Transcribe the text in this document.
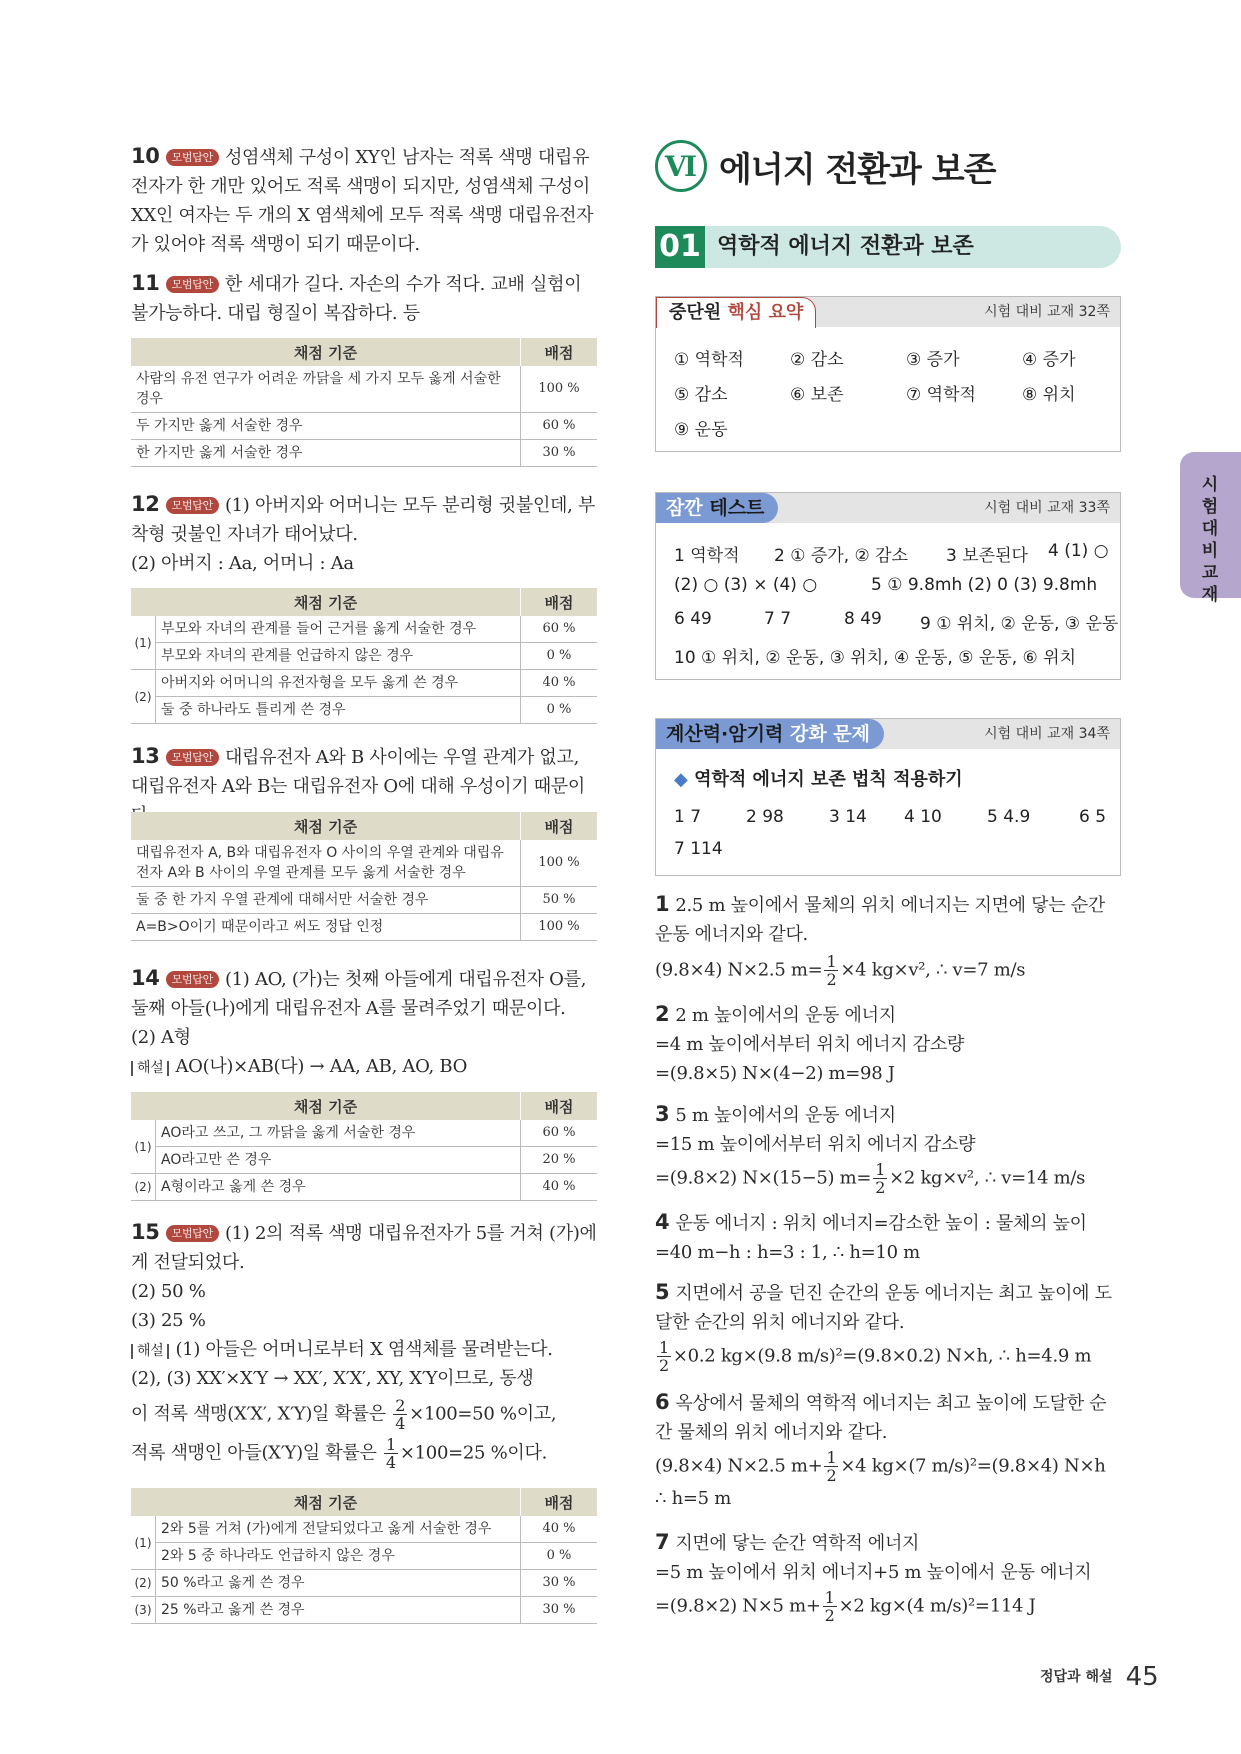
10 모범답안 성염색체 구성이 XY인 남자는 적록 색맹 대립유전자가 한 개만 있어도 적록 색맹이 되지만, 성염색체 구성이 XX인 여자는 두 개의 X 염색체에 모두 적록 색맹 대립유전자가 있어야 적록 색맹이 되기 때문이다.
11 모범답안 한 세대가 길다. 자손의 수가 적다. 교배 실험이 불가능하다. 대립 형질이 복잡하다. 등
채점 기준	배점
사람의 유전 연구가 어려운 까닭을 세 가지 모두 옳게 서술한 경우	100 %
두 가지만 옳게 서술한 경우	60 %
한 가지만 옳게 서술한 경우	30 %
12 모범답안 (1) 아버지와 어머니는 모두 분리형 귓불인데, 부착형 귓불인 자녀가 태어났다.
(2) 아버지 : Aa, 어머니 : Aa
채점 기준		배점
(1)	부모와 자녀의 관계를 들어 근거를 옳게 서술한 경우	60 %
	부모와 자녀의 관계를 언급하지 않은 경우	0 %
(2)	아버지와 어머니의 유전자형을 모두 옳게 쓴 경우	40 %
	둘 중 하나라도 틀리게 쓴 경우	0 %
13 모범답안 대립유전자 A와 B 사이에는 우열 관계가 없고, 대립유전자 A와 B는 대립유전자 O에 대해 우성이기 때문이
채점 기준	배점
대립유전자 A, B와 대립유전자 O 사이의 우열 관계와 대립유전자 A와 B 사이의 우열 관계를 모두 옳게 서술한 경우	100 %
둘 중 한 가지 우열 관계에 대해서만 서술한 경우	50 %
A=B>O이기 때문이라고 써도 정답 인정	100 %
14 모범답안 (1) AO, (가)는 첫째 아들에게 대립유전자 O를, 둘째 아들(나)에게 대립유전자 A를 물려주었기 때문이다.
(2) A형
해설 AO(나)×AB(다) → AA, AB, AO, BO
채점 기준		배점
(1)	AO라고 쓰고, 그 까닭을 옳게 서술한 경우	60 %
	AO라고만 쓴 경우	20 %
(2)	A형이라고 옳게 쓴 경우	40 %
15 모범답안 (1) 2의 적록 색맹 대립유전자가 5를 거쳐 (가)에게 전달되었다.
(2) 50 %
(3) 25 %
해설 (1) 아들은 어머니로부터 X 염색체를 물려받는다.
(2), (3) XX′×X′Y → XX′, X′X′, XY, X′Y이므로, 동생

이 적록 색맹(X′X′, X′Y)일 확률은 $\frac{2}{4} \times 100=50$ %이고,
적록 색맹인 아들(X′Y)일 확률은 $\frac{1}{4} \times 100=25$ %이다.
채점 기준		배점
(1)	2와 5를 거쳐 (가)에게 전달되었다고 옳게 서술한 경우	40 %
	2와 5 중 하나라도 언급하지 않은 경우	0 %
(2)	50 %라고 옳게 쓴 경우	30 %
(3)	25 %라고 옳게 쓴 경우	30 %
Ⅵ 에너지 전환과 보존
01 역학적 에너지 전환과 보존
중단원 핵심 요약	시험 대비 교재 32쪽
① 역학적	② 감소	③ 증가	④ 증가
⑤ 감소	⑥ 보존	⑦ 역학적	⑧ 위치
⑨ 운동
잠깐 테스트	시험 대비 교재 33쪽
1 역학적	2 ① 증가, ② 감소	3 보존된다	4 (1) ○
(2) ○ (3) × (4) ○	5 ① 9.8mh (2) 0 (3) 9.8mh
6 49	7 7	8 49	9 ① 위치, ② 운동, ③ 운동
10 ① 위치, ② 운동, ③ 위치, ④ 운동, ⑤ 운동, ⑥ 위치
계산력·암기력 강화 문제	시험 대비 교재 34쪽
◆ 역학적 에너지 보존 법칙 적용하기
1 7	2 98	3 14	4 10	5 4.9	6 5
7 114
1 2.5 m 높이에서 물체의 위치 에너지는 지면에 닿는 순간 운동 에너지와 같다.
(9.8×4) N×2.5 $m= \frac{1}{2} \times 4$ kg×v², ∴ v=7 m/s
2 2 m 높이에서의 운동 에너지
=4 m 높이에서부터 위치 에너지 감소량
=(9.8×5) N×(4−2) m=98 J
3 5 m 높이에서의 운동 에너지
=15 m 높이에서부터 위치 에너지 감소량
=(9.8×2) N×(15−5) $m= \frac{1}{2} \times 2$ kg×v², ∴ v=14 m/s
4 운동 에너지 : 위치 에너지=감소한 높이 : 물체의 높이
=40 m−h : h=3 : 1, ∴ h=10 m
5 지면에서 공을 던진 순간의 운동 에너지는 최고 높이에 도달한 순간의 위치 에너지와 같다.
$\frac{1}{2} \times 0.2$ kg×(9.8 m/s)²=(9.8×0.2) N×h, ∴ h=4.9 m
6 옥상에서 물체의 역학적 에너지는 최고 높이에 도달한 순간 물체의 위치 에너지와 같다.
(9.8×4) N×2.5 $m+ \frac{1}{2} \times 4$ kg×(7 m/s)²=(9.8×4) N×h
∴ h=5 m
7 지면에 닿는 순간 역학적 에너지
=5 m 높이에서 위치 에너지+5 m 높이에서 운동 에너지
=(9.8×2) N×5 $m+ \frac{1}{2} \times 2$ kg×(4 m/s)²=114 J
시험대비교재
정답과 해설 45
